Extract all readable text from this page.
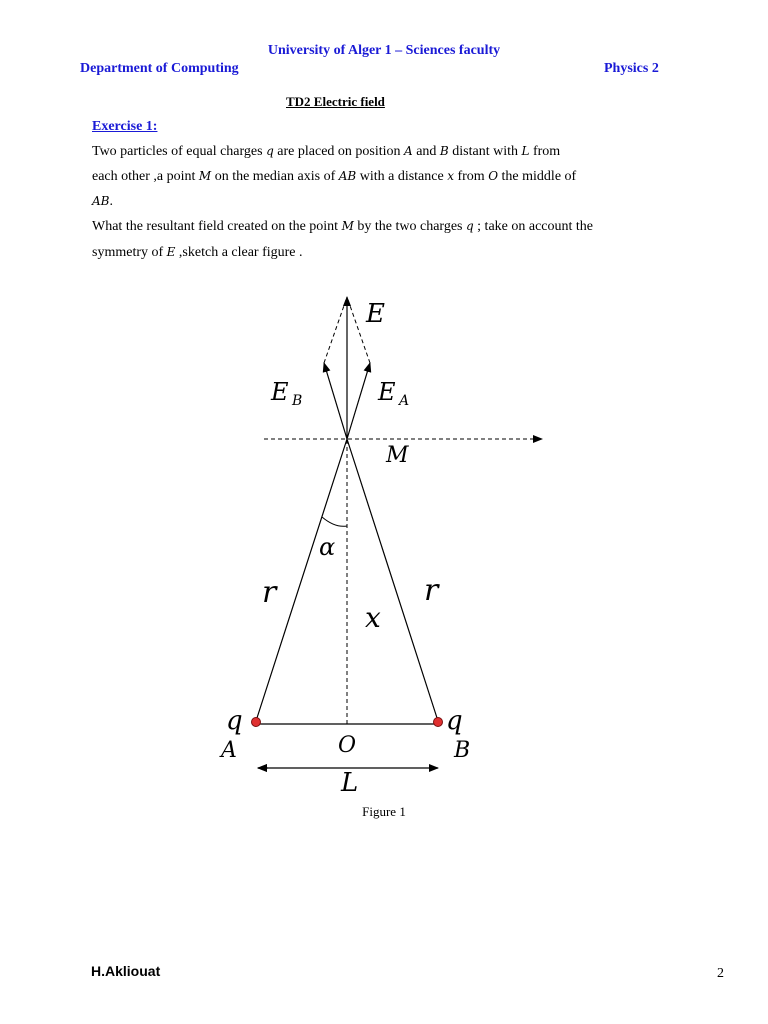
University of Alger 1 – Sciences faculty
Department of Computing	Physics 2
TD2 Electric field
Exercise 1:
Two particles of equal charges q are placed on position A and B distant with L from
each other ,a point M on the median axis of AB with a distance x from O the middle of
AB.
What the resultant field created on the point M by the two charges q ; take on account the
symmetry of E ,sketch a clear figure .
E
E B	E A
M
α
r	r
x
q	q
A	O	B
L
Figure 1
H.Akliouat	2
